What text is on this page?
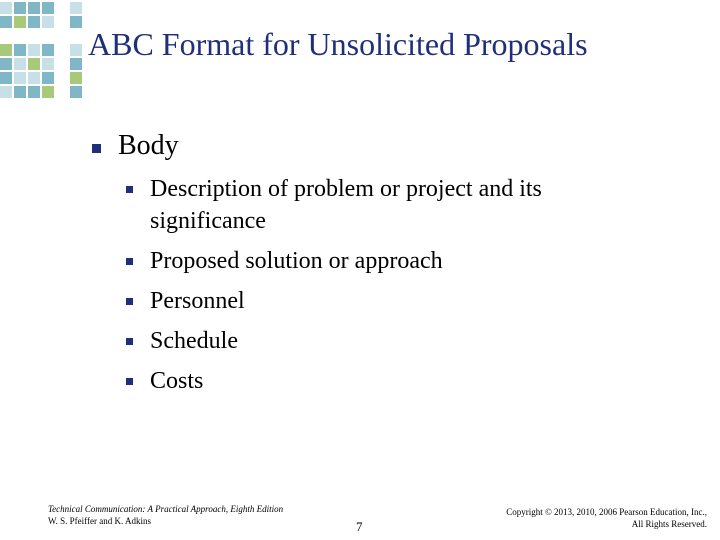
ABC Format for Unsolicited Proposals
Body
Description of problem or project and its significance
Proposed solution or approach
Personnel
Schedule
Costs
Technical Communication: A Practical Approach, Eighth Edition
W. S. Pfeiffer and K. Adkins	7
Copyright © 2013, 2010, 2006 Pearson Education, Inc.,
All Rights Reserved.
